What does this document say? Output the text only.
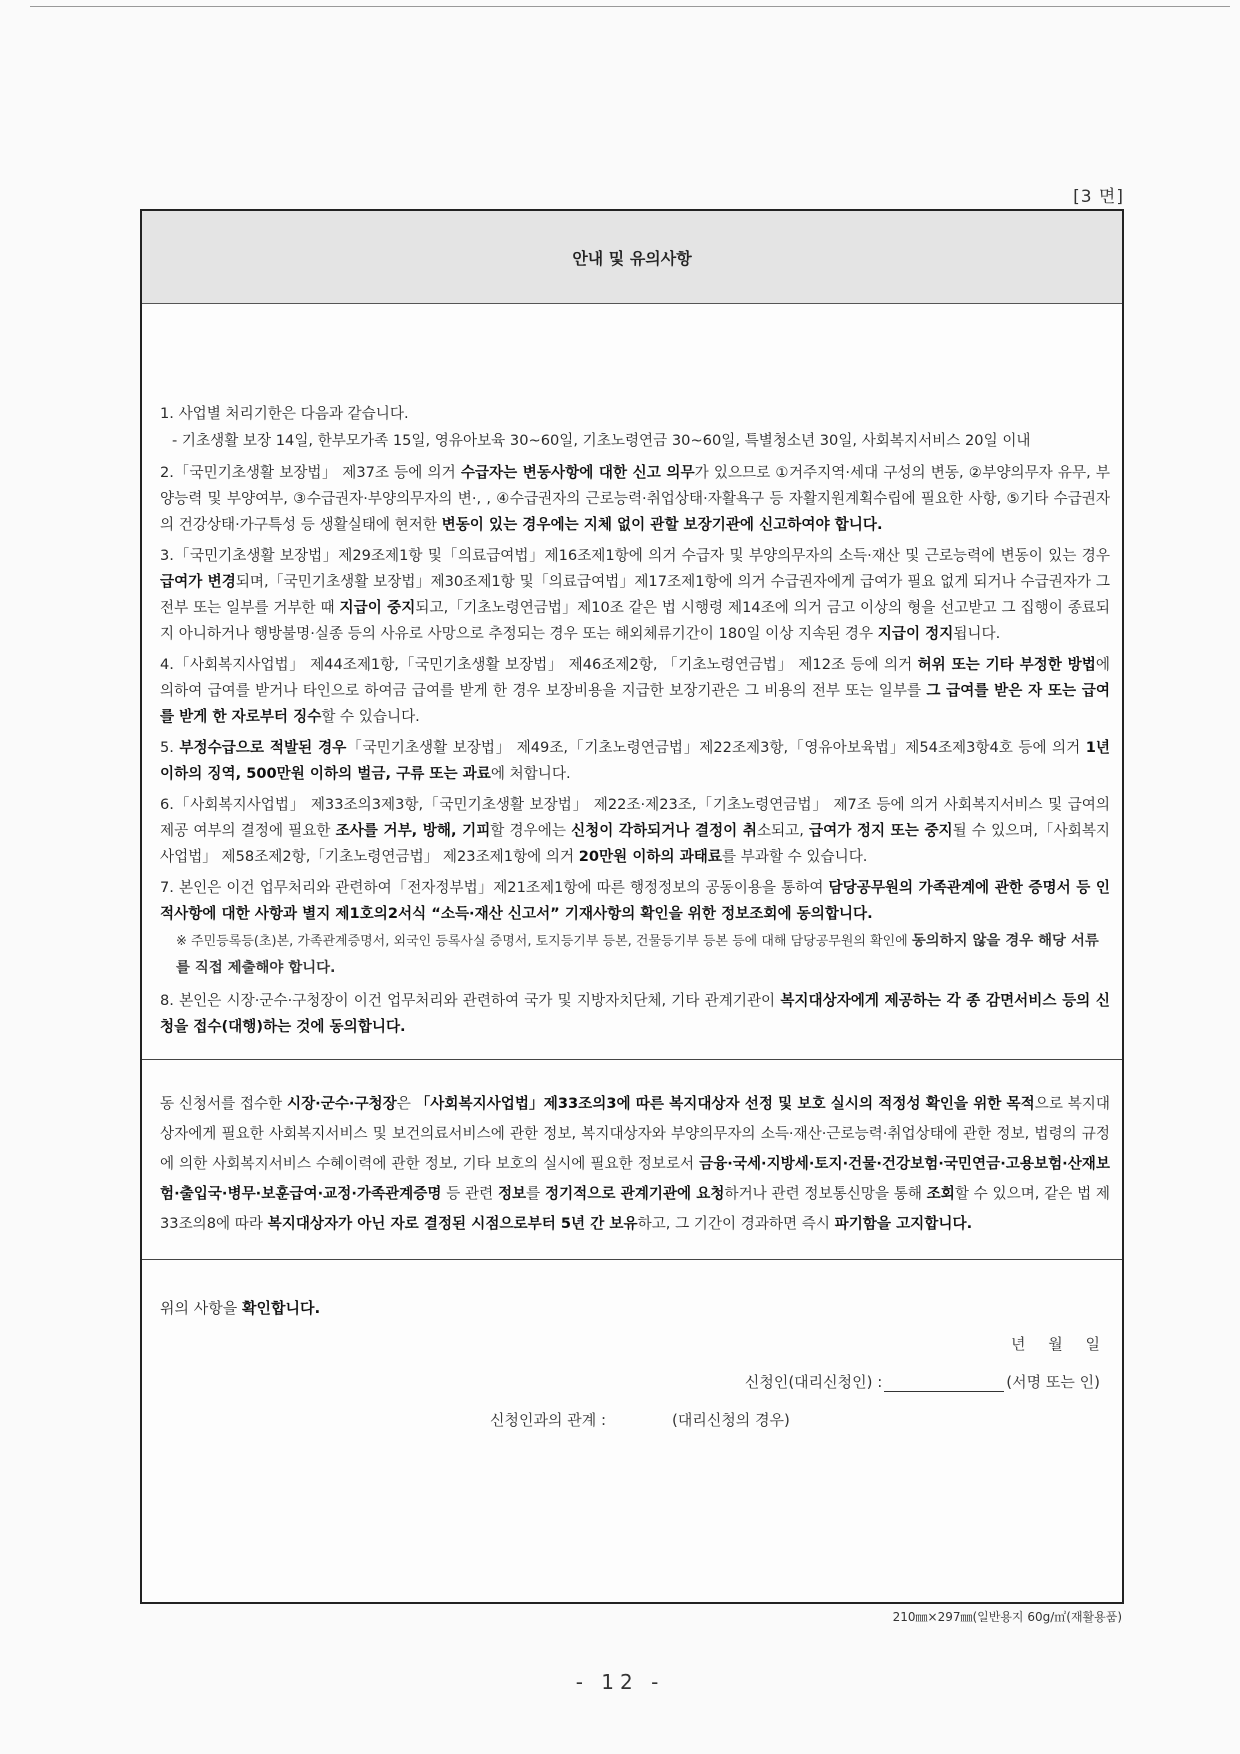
[3 면]
안내 및 유의사항

1. 사업별 처리기한은 다음과 같습니다.

- 기초생활 보장 14일, 한부모가족 15일, 영유아보육 30~60일, 기초노령연금 30~60일, 특별청소년 30일, 사회복지서비스 20일 이내

2.「국민기초생활 보장법」 제37조 등에 의거 수급자는 변동사항에 대한 신고 의무가 있으므로 ①거주지역·세대 구성의 변동, ②부양의무자 유무, 부양능력 및 부양여부, ③수급권자·부양의무자의 변·, , ④수급권자의 근로능력·취업상태·자활욕구 등 자활지원계획수립에 필요한 사항, ⑤기타 수급권자의 건강상태·가구특성 등 생활실태에 현저한 변동이 있는 경우에는 지체 없이 관할 보장기관에 신고하여야 합니다.

3.「국민기초생활 보장법」제29조제1항 및「의료급여법」제16조제1항에 의거 수급자 및 부양의무자의 소득·재산 및 근로능력에 변동이 있는 경우 급여가 변경되며,「국민기초생활 보장법」제30조제1항 및「의료급여법」제17조제1항에 의거 수급권자에게 급여가 필요 없게 되거나 수급권자가 그 전부 또는 일부를 거부한 때 지급이 중지되고,「기초노령연금법」제10조 같은 법 시행령 제14조에 의거 금고 이상의 형을 선고받고 그 집행이 종료되지 아니하거나 행방불명·실종 등의 사유로 사망으로 추정되는 경우 또는 해외체류기간이 180일 이상 지속된 경우 지급이 정지됩니다.

4.「사회복지사업법」 제44조제1항,「국민기초생활 보장법」 제46조제2항, 「기초노령연금법」 제12조 등에 의거 허위 또는 기타 부정한 방법에 의하여 급여를 받거나 타인으로 하여금 급여를 받게 한 경우 보장비용을 지급한 보장기관은 그 비용의 전부 또는 일부를 그 급여를 받은 자 또는 급여를 받게 한 자로부터 징수할 수 있습니다.

5. 부정수급으로 적발된 경우「국민기초생활 보장법」 제49조,「기초노령연금법」제22조제3항,「영유아보육법」제54조제3항4호 등에 의거 1년 이하의 징역, 500만원 이하의 벌금, 구류 또는 과료에 처합니다.

6.「사회복지사업법」 제33조의3제3항,「국민기초생활 보장법」 제22조·제23조,「기초노령연금법」 제7조 등에 의거 사회복지서비스 및 급여의 제공 여부의 결정에 필요한 조사를 거부, 방해, 기피할 경우에는 신청이 각하되거나 결정이 취소되고, 급여가 정지 또는 중지될 수 있으며,「사회복지사업법」 제58조제2항,「기초노령연금법」 제23조제1항에 의거 20만원 이하의 과태료를 부과할 수 있습니다.

7. 본인은 이건 업무처리와 관련하여「전자정부법」제21조제1항에 따른 행정정보의 공동이용을 통하여 담당공무원의 가족관계에 관한 증명서 등 인적사항에 대한 사항과 별지 제1호의2서식 “소득·재산 신고서” 기재사항의 확인을 위한 정보조회에 동의합니다.

※ 주민등록등(초)본, 가족관계증명서, 외국인 등록사실 증명서, 토지등기부 등본, 건물등기부 등본 등에 대해 담당공무원의 확인에 동의하지 않을 경우 해당 서류를 직접 제출해야 합니다.

8. 본인은 시장·군수·구청장이 이건 업무처리와 관련하여 국가 및 지방자치단체, 기타 관계기관이 복지대상자에게 제공하는 각 종 감면서비스 등의 신청을 접수(대행)하는 것에 동의합니다.

동 신청서를 접수한 시장·군수·구청장은 「사회복지사업법」제33조의3에 따른 복지대상자 선정 및 보호 실시의 적정성 확인을 위한 목적으로 복지대상자에게 필요한 사회복지서비스 및 보건의료서비스에 관한 정보, 복지대상자와 부양의무자의 소득·재산·근로능력·취업상태에 관한 정보, 법령의 규정에 의한 사회복지서비스 수혜이력에 관한 정보, 기타 보호의 실시에 필요한 정보로서 금융·국세·지방세·토지·건물·건강보험·국민연금·고용보험·산재보험·출입국·병무·보훈급여·교정·가족관계증명 등 관련 정보를 정기적으로 관계기관에 요청하거나 관련 정보통신망을 통해 조회할 수 있으며, 같은 법 제33조의8에 따라 복지대상자가 아닌 자로 결정된 시점으로부터 5년 간 보유하고, 그 기간이 경과하면 즉시 파기함을 고지합니다.

위의 사항을 확인합니다.
년 월 일
신청인(대리신청인) :	(서명 또는 인)
신청인과의 관계 :	(대리신청의 경우)
210㎜×297㎜(일반용지 60g/㎡(재활용품)
- 12 -
